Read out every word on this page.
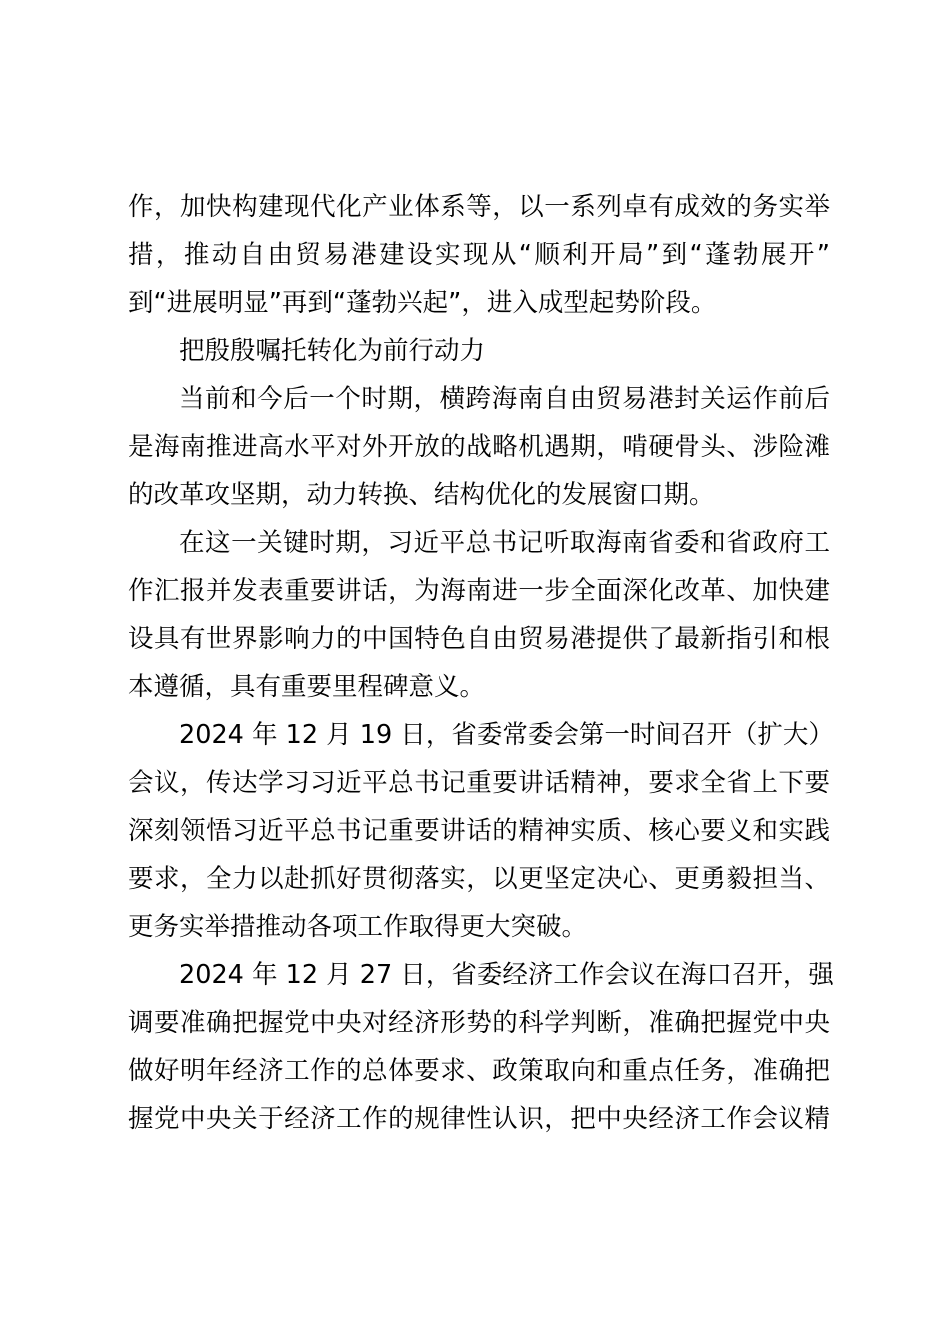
作，加快构建现代化产业体系等，以一系列卓有成效的务实举
措，推动自由贸易港建设实现从“顺利开局”到“蓬勃展开”
到“进展明显”再到“蓬勃兴起”，进入成型起势阶段。
把殷殷嘱托转化为前行动力
当前和今后一个时期，横跨海南自由贸易港封关运作前后
是海南推进高水平对外开放的战略机遇期，啃硬骨头、涉险滩
的改革攻坚期，动力转换、结构优化的发展窗口期。
在这一关键时期，习近平总书记听取海南省委和省政府工
作汇报并发表重要讲话，为海南进一步全面深化改革、加快建
设具有世界影响力的中国特色自由贸易港提供了最新指引和根
本遵循，具有重要里程碑意义。
2024 年 12 月 19 日，省委常委会第一时间召开（扩大）
会议，传达学习习近平总书记重要讲话精神，要求全省上下要
深刻领悟习近平总书记重要讲话的精神实质、核心要义和实践
要求，全力以赴抓好贯彻落实，以更坚定决心、更勇毅担当、
更务实举措推动各项工作取得更大突破。
2024 年 12 月 27 日，省委经济工作会议在海口召开，强
调要准确把握党中央对经济形势的科学判断，准确把握党中央
做好明年经济工作的总体要求、政策取向和重点任务，准确把
握党中央关于经济工作的规律性认识，把中央经济工作会议精
